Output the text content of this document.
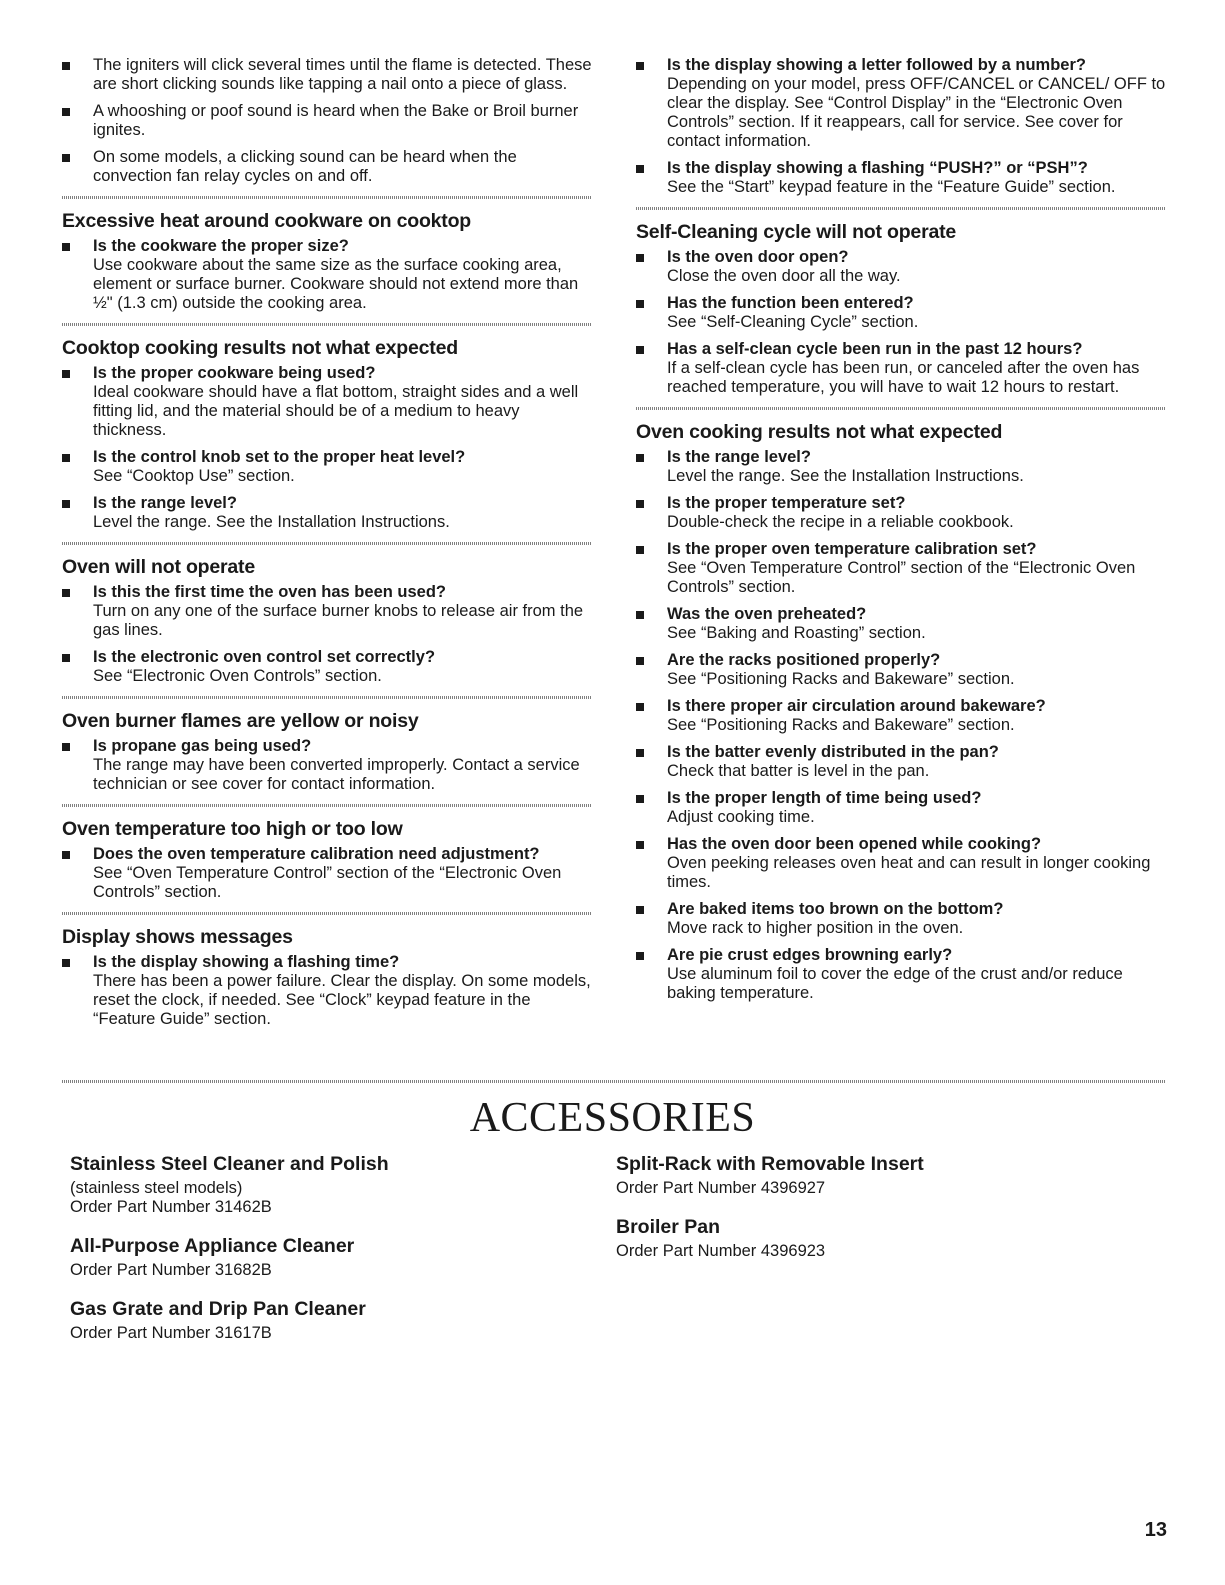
The igniters will click several times until the flame is detected. These are short clicking sounds like tapping a nail onto a piece of glass.
A whooshing or poof sound is heard when the Bake or Broil burner ignites.
On some models, a clicking sound can be heard when the convection fan relay cycles on and off.
Excessive heat around cookware on cooktop
Is the cookware the proper size?
Use cookware about the same size as the surface cooking area, element or surface burner. Cookware should not extend more than ½" (1.3 cm) outside the cooking area.
Cooktop cooking results not what expected
Is the proper cookware being used?
Ideal cookware should have a flat bottom, straight sides and a well fitting lid, and the material should be of a medium to heavy thickness.
Is the control knob set to the proper heat level?
See “Cooktop Use” section.
Is the range level?
Level the range. See the Installation Instructions.
Oven will not operate
Is this the first time the oven has been used?
Turn on any one of the surface burner knobs to release air from the gas lines.
Is the electronic oven control set correctly?
See “Electronic Oven Controls” section.
Oven burner flames are yellow or noisy
Is propane gas being used?
The range may have been converted improperly. Contact a service technician or see cover for contact information.
Oven temperature too high or too low
Does the oven temperature calibration need adjustment?
See “Oven Temperature Control” section of the “Electronic Oven Controls” section.
Display shows messages
Is the display showing a flashing time?
There has been a power failure. Clear the display. On some models, reset the clock, if needed. See “Clock” keypad feature in the “Feature Guide” section.
Is the display showing a letter followed by a number?
Depending on your model, press OFF/CANCEL or CANCEL/ OFF to clear the display. See “Control Display” in the “Electronic Oven Controls” section. If it reappears, call for service. See cover for contact information.
Is the display showing a flashing “PUSH?” or “PSH”?
See the “Start” keypad feature in the “Feature Guide” section.
Self-Cleaning cycle will not operate
Is the oven door open?
Close the oven door all the way.
Has the function been entered?
See “Self-Cleaning Cycle” section.
Has a self-clean cycle been run in the past 12 hours?
If a self-clean cycle has been run, or canceled after the oven has reached temperature, you will have to wait 12 hours to restart.
Oven cooking results not what expected
Is the range level?
Level the range. See the Installation Instructions.
Is the proper temperature set?
Double-check the recipe in a reliable cookbook.
Is the proper oven temperature calibration set?
See “Oven Temperature Control” section of the “Electronic Oven Controls” section.
Was the oven preheated?
See “Baking and Roasting” section.
Are the racks positioned properly?
See “Positioning Racks and Bakeware” section.
Is there proper air circulation around bakeware?
See “Positioning Racks and Bakeware” section.
Is the batter evenly distributed in the pan?
Check that batter is level in the pan.
Is the proper length of time being used?
Adjust cooking time.
Has the oven door been opened while cooking?
Oven peeking releases oven heat and can result in longer cooking times.
Are baked items too brown on the bottom?
Move rack to higher position in the oven.
Are pie crust edges browning early?
Use aluminum foil to cover the edge of the crust and/or reduce baking temperature.
ACCESSORIES
Stainless Steel Cleaner and Polish
(stainless steel models)
Order Part Number 31462B
All-Purpose Appliance Cleaner
Order Part Number 31682B
Gas Grate and Drip Pan Cleaner
Order Part Number 31617B
Split-Rack with Removable Insert
Order Part Number 4396927
Broiler Pan
Order Part Number 4396923
13
